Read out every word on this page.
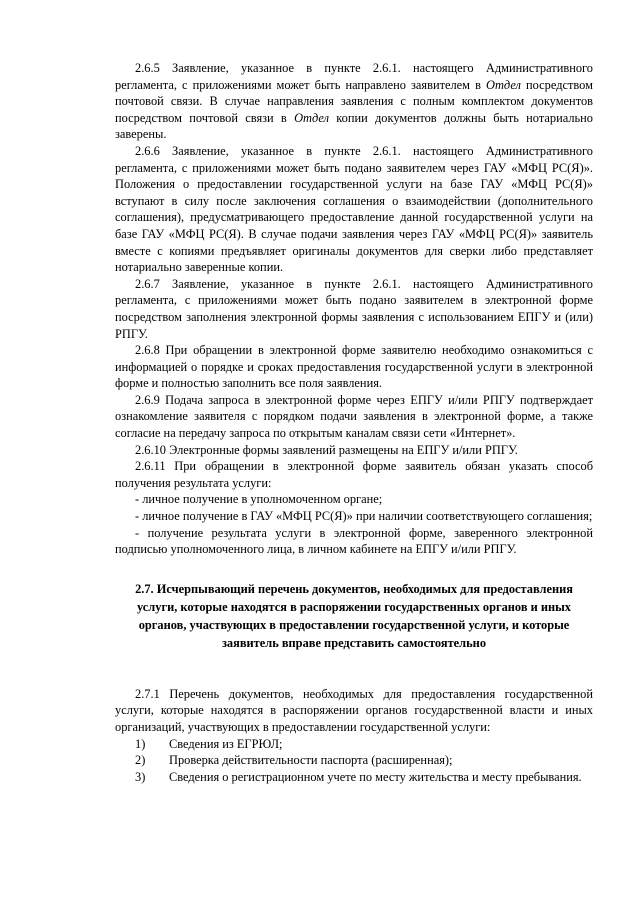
2.6.5 Заявление, указанное в пункте 2.6.1. настоящего Административного регламента, с приложениями может быть направлено заявителем в Отдел посредством почтовой связи. В случае направления заявления с полным комплектом документов посредством почтовой связи в Отдел копии документов должны быть нотариально заверены.

2.6.6 Заявление, указанное в пункте 2.6.1. настоящего Административного регламента, с приложениями может быть подано заявителем через ГАУ «МФЦ РС(Я)». Положения о предоставлении государственной услуги на базе ГАУ «МФЦ РС(Я)» вступают в силу после заключения соглашения о взаимодействии (дополнительного соглашения), предусматривающего предоставление данной государственной услуги на базе ГАУ «МФЦ РС(Я). В случае подачи заявления через ГАУ «МФЦ РС(Я)» заявитель вместе с копиями предъявляет оригиналы документов для сверки либо представляет нотариально заверенные копии.

2.6.7 Заявление, указанное в пункте 2.6.1. настоящего Административного регламента, с приложениями может быть подано заявителем в электронной форме посредством заполнения электронной формы заявления с использованием ЕПГУ и (или) РПГУ.

2.6.8 При обращении в электронной форме заявителю необходимо ознакомиться с информацией о порядке и сроках предоставления государственной услуги в электронной форме и полностью заполнить все поля заявления.

2.6.9 Подача запроса в электронной форме через ЕПГУ и/или РПГУ подтверждает ознакомление заявителя с порядком подачи заявления в электронной форме, а также согласие на передачу запроса по открытым каналам связи сети «Интернет».

2.6.10 Электронные формы заявлений размещены на ЕПГУ и/или РПГУ.

2.6.11 При обращении в электронной форме заявитель обязан указать способ получения результата услуги:

- личное получение в уполномоченном органе;

- личное получение в ГАУ «МФЦ РС(Я)» при наличии соответствующего соглашения;

- получение результата услуги в электронной форме, заверенного электронной подписью уполномоченного лица, в личном кабинете на ЕПГУ и/или РПГУ.

2.7. Исчерпывающий перечень документов, необходимых для предоставления услуги, которые находятся в распоряжении государственных органов и иных органов, участвующих в предоставлении государственной услуги, и которые заявитель вправе представить самостоятельно

2.7.1 Перечень документов, необходимых для предоставления государственной услуги, которые находятся в распоряжении органов государственной власти и иных организаций, участвующих в предоставлении государственной услуги:

1)	Сведения из ЕГРЮЛ;
2)	Проверка действительности паспорта (расширенная);
3)	Сведения о регистрационном учете по месту жительства и месту пребывания.
